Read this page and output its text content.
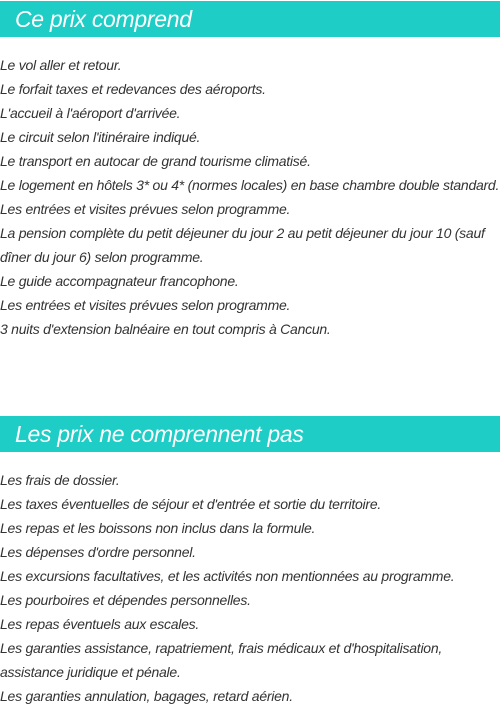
Ce prix comprend
Le vol aller et retour.
Le forfait taxes et redevances des aéroports.
L'accueil à l'aéroport d'arrivée.
Le circuit selon l'itinéraire indiqué.
Le transport en autocar de grand tourisme climatisé.
Le logement en hôtels 3* ou 4* (normes locales) en base chambre double standard.
Les entrées et visites prévues selon programme.
La pension complète du petit déjeuner du jour 2 au petit déjeuner du jour 10 (sauf dîner du jour 6) selon programme.
Le guide accompagnateur francophone.
Les entrées et visites prévues selon programme.
3 nuits d'extension balnéaire en tout compris à Cancun.
Les prix ne comprennent pas
Les frais de dossier.
Les taxes éventuelles de séjour et d'entrée et sortie du territoire.
Les repas et les boissons non inclus dans la formule.
Les dépenses d'ordre personnel.
Les excursions facultatives, et les activités non mentionnées au programme.
Les pourboires et dépendes personnelles.
Les repas éventuels aux escales.
Les garanties assistance, rapatriement, frais médicaux et d'hospitalisation, assistance juridique et pénale.
Les garanties annulation, bagages, retard aérien.
